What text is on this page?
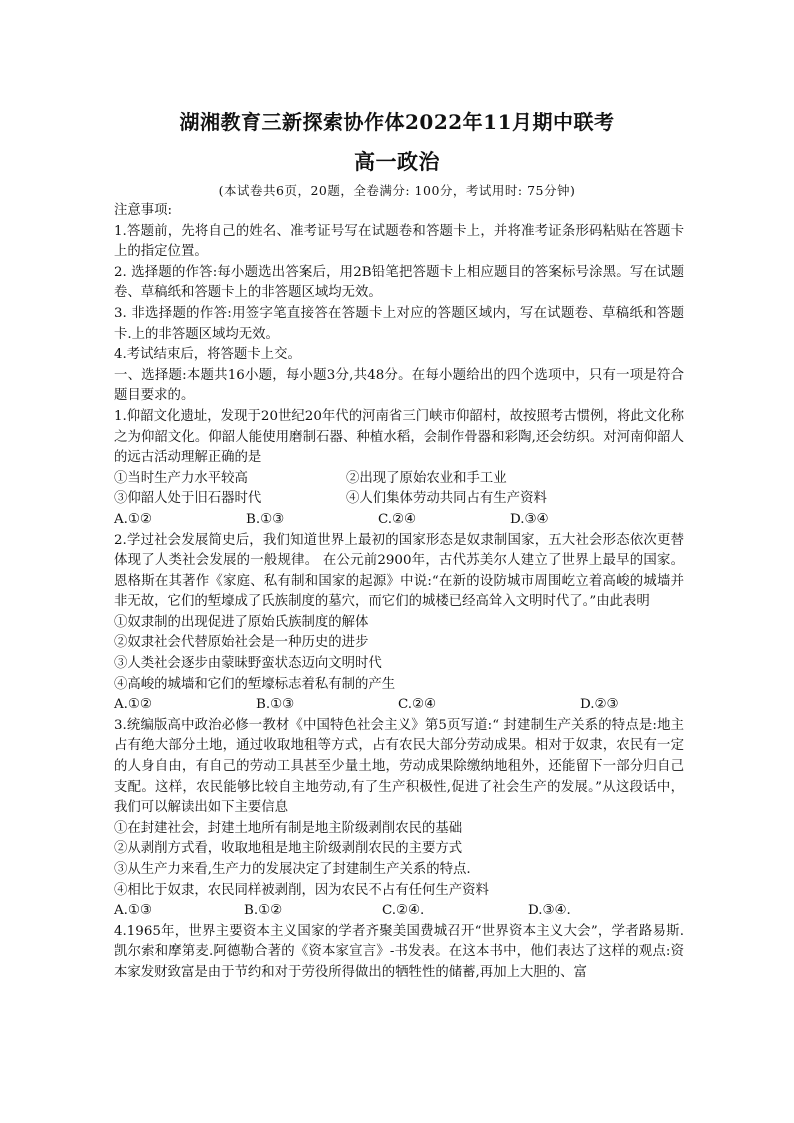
湖湘教育三新探索协作体2022年11月期中联考
高一政治
(本试卷共6页，20题，全卷满分: 100分，考试用时: 75分钟)

注意事项:

1.答题前，先将自己的姓名、准考证号写在试题卷和答题卡上，并将准考证条形码粘贴在答题卡上的指定位置。

2. 选择题的作答:每小题选出答案后，用2B铅笔把答题卡上相应题目的答案标号涂黑。写在试题卷、草稿纸和答题卡上的非答题区域均无效。

3. 非选择题的作答:用签字笔直接答在答题卡上对应的答题区域内，写在试题卷、草稿纸和答题卡.上的非答题区域均无效。

4.考试结束后，将答题卡上交。

一、选择题:本题共16小题，每小题3分,共48分。在每小题给出的四个选项中，只有一项是符合题目要求的。

1.仰韶文化遗址，发现于20世纪20年代的河南省三门峡市仰韶村，故按照考古惯例，将此文化称之为仰韶文化。仰韶人能使用磨制石器、种植水稻，会制作骨器和彩陶,还会纺织。对河南仰韶人的远古活动理解正确的是

①当时生产力水平较高	②出现了原始农业和手工业
③仰韶人处于旧石器时代	④人们集体劳动共同占有生产资料
A.①②	B.①③	C.②④	D.③④

2.学过社会发展简史后，我们知道世界上最初的国家形态是奴隶制国家，五大社会形态依次更替体现了人类社会发展的一般规律。 在公元前2900年，古代苏美尔人建立了世界上最早的国家。恩格斯在其著作《家庭、私有制和国家的起源》中说:“在新的设防城市周围屹立着高峻的城墙并非无故，它们的堑壕成了氏族制度的墓穴，而它们的城楼已经高耸入文明时代了。”由此表明

①奴隶制的出现促进了原始氏族制度的解体

②奴隶社会代替原始社会是一种历史的进步

③人类社会逐步由蒙昧野蛮状态迈向文明时代

④高峻的城墙和它们的堑壕标志着私有制的产生

A.①②	B.①③	C.②④	D.②③

3.统编版高中政治必修一教材《中国特色社会主义》第5页写道:“ 封建制生产关系的特点是:地主占有绝大部分土地，通过收取地租等方式，占有农民大部分劳动成果。相对于奴隶，农民有一定的人身自由，有自己的劳动工具甚至少量土地，劳动成果除缴纳地租外，还能留下一部分归自己支配。这样，农民能够比较自主地劳动,有了生产积极性,促进了社会生产的发展。”从这段话中，我们可以解读出如下主要信息

①在封建社会，封建土地所有制是地主阶级剥削农民的基础

②从剥削方式看，收取地租是地主阶级剥削农民的主要方式

③从生产力来看,生产力的发展决定了封建制生产关系的特点.

④相比于奴隶，农民同样被剥削，因为农民不占有任何生产资料

A.①③	B.①②	C.②④.	D.③④.

4.1965年，世界主要资本主义国家的学者齐聚美国费城召开“世界资本主义大会”，学者路易斯.凯尔索和摩第麦.阿德勒合著的《资本家宣言》-书发表。在这本书中，他们表达了这样的观点:资本家发财致富是由于节约和对于劳役所得做出的牺牲性的储蓄,再加上大胆的、富
